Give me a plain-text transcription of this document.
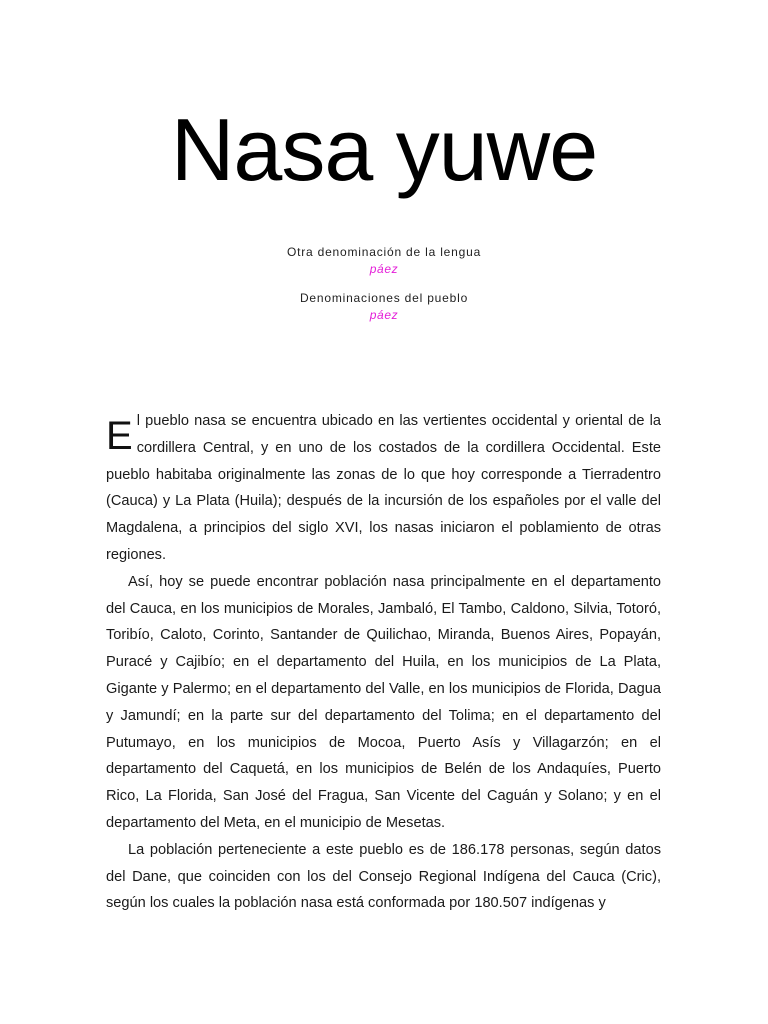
Nasa yuwe
Otra denominación de la lengua
páez
Denominaciones del pueblo
páez

El pueblo nasa se encuentra ubicado en las vertientes occidental y oriental de la cordillera Central, y en uno de los costados de la cordillera Occidental. Este pueblo habitaba originalmente las zonas de lo que hoy corresponde a Tierradentro (Cauca) y La Plata (Huila); después de la incursión de los españoles por el valle del Magdalena, a principios del siglo XVI, los nasas iniciaron el poblamiento de otras regiones.

Así, hoy se puede encontrar población nasa principalmente en el departamento del Cauca, en los municipios de Morales, Jambaló, El Tambo, Caldono, Silvia, Totoró, Toribío, Caloto, Corinto, Santander de Quilichao, Miranda, Buenos Aires, Popayán, Puracé y Cajibío; en el departamento del Huila, en los municipios de La Plata, Gigante y Palermo; en el departamento del Valle, en los municipios de Florida, Dagua y Jamundí; en la parte sur del departamento del Tolima; en el departamento del Putumayo, en los municipios de Mocoa, Puerto Asís y Villagarzón; en el departamento del Caquetá, en los municipios de Belén de los Andaquíes, Puerto Rico, La Florida, San José del Fragua, San Vicente del Caguán y Solano; y en el departamento del Meta, en el municipio de Mesetas.

La población perteneciente a este pueblo es de 186.178 personas, según datos del Dane, que coinciden con los del Consejo Regional Indígena del Cauca (Cric), según los cuales la población nasa está conformada por 180.507 indígenas y
